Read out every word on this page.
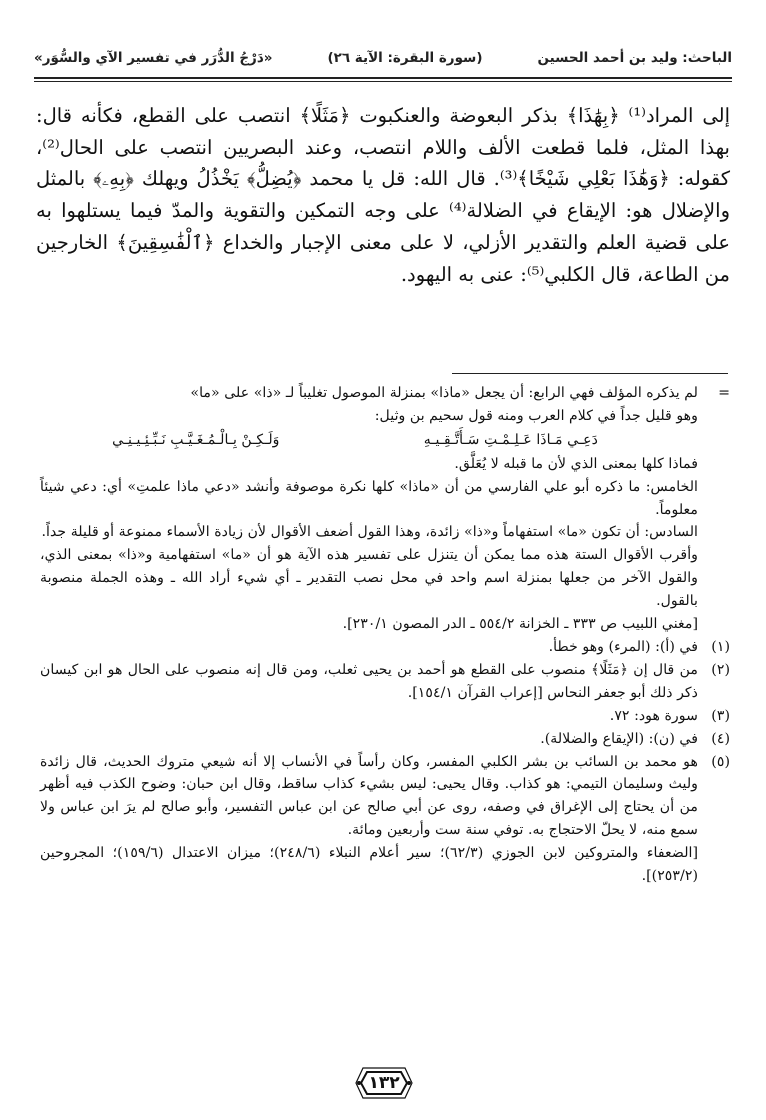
الباحث: وليد بن أحمد الحسين
(سورة البقرة: الآية ٢٦)
«دَرْجُ الدُّرَر في تفسير الآي والسُّوَر»

إلى المراد⁽¹⁾ ﴿بِهَٰذَا﴾ بذكر البعوضة والعنكبوت ﴿مَثَلًا﴾ انتصب على القطع، فكأنه قال: بهذا المثل، فلما قطعت الألف واللام انتصب، وعند البصريين انتصب على الحال⁽²⁾، كقوله: ﴿وَهَٰذَا بَعْلِي شَيْخًا﴾⁽³⁾. قال الله: قل يا محمد ﴿يُضِلُّ﴾ يَخْذُلُ ويهلك ﴿بِهِۦ﴾ بالمثل والإضلال هو: الإيقاع في الضلالة⁽⁴⁾ على وجه التمكين والتقوية والمدّ فيما يستلهوا به على قضية العلم والتقدير الأزلي، لا على معنى الإجبار والخداع ﴿ٱلْفَٰسِقِينَ﴾ الخارجين من الطاعة، قال الكلبي⁽⁵⁾: عنى به اليهود.

=
لم يذكره المؤلف فهي الرابع: أن يجعل «ماذا» بمنزلة الموصول تغليباً لـ «ذا» على «ما»

وهو قليل جداً في كلام العرب ومنه قول سحيم بن وثيل:

دَعِـي مَـاذَا عَـلِـمْـتِ سَـأَتَّـقِـيـهِ
وَلَـكِـنْ بِـالْـمُـغَـيَّـبِ نَـبِّـئِـيـنِـي

فماذا كلها بمعنى الذي لأن ما قبله لا يُعَلَّق.

الخامس: ما ذكره أبو علي الفارسي من أن «ماذا» كلها نكرة موصوفة وأنشد «دعي ماذا علمتِ» أي: دعي شيئاً معلوماً.

السادس: أن تكون «ما» استفهاماً و«ذا» زائدة، وهذا القول أضعف الأقوال لأن زيادة الأسماء ممنوعة أو قليلة جداً.

وأقرب الأقوال الستة هذه مما يمكن أن يتنزل على تفسير هذه الآية هو أن «ما» استفهامية و«ذا» بمعنى الذي، والقول الآخر من جعلها بمنزلة اسم واحد في محل نصب التقدير ـ أي شيء أراد الله ـ وهذه الجملة منصوبة بالقول.

[مغني اللبيب ص ٣٣٣ ـ الخزانة ٥٥٤/٢ ـ الدر المصون ٢٣٠/١].

(١)
في (أ): (المرء) وهو خطأ.
(٢)
من قال إن ﴿مَثَلًا﴾ منصوب على القطع هو أحمد بن يحيى ثعلب، ومن قال إنه منصوب على الحال هو ابن كيسان ذكر ذلك أبو جعفر النحاس [إعراب القرآن ١٥٤/١].
(٣)
سورة هود: ٧٢.
(٤)
في (ن): (الإيقاع والضلالة).
(٥)
هو محمد بن السائب بن بشر الكلبي المفسر، وكان رأساً في الأنساب إلا أنه شيعي متروك الحديث، قال زائدة وليث وسليمان التيمي: هو كذاب. وقال يحيى: ليس بشيء كذاب ساقط، وقال ابن حبان: وضوح الكذب فيه أظهر من أن يحتاج إلى الإغراق في وصفه، روى عن أبي صالح عن ابن عباس التفسير، وأبو صالح لم يرَ ابن عباس ولا سمع منه، لا يحلّ الاحتجاج به. توفي سنة ست وأربعين ومائة.

[الضعفاء والمتروكين لابن الجوزي (٦٢/٣)؛ سير أعلام النبلاء (٢٤٨/٦)؛ ميزان الاعتدال (١٥٩/٦)؛ المجروحين (٢٥٣/٢)].

١٣٢
